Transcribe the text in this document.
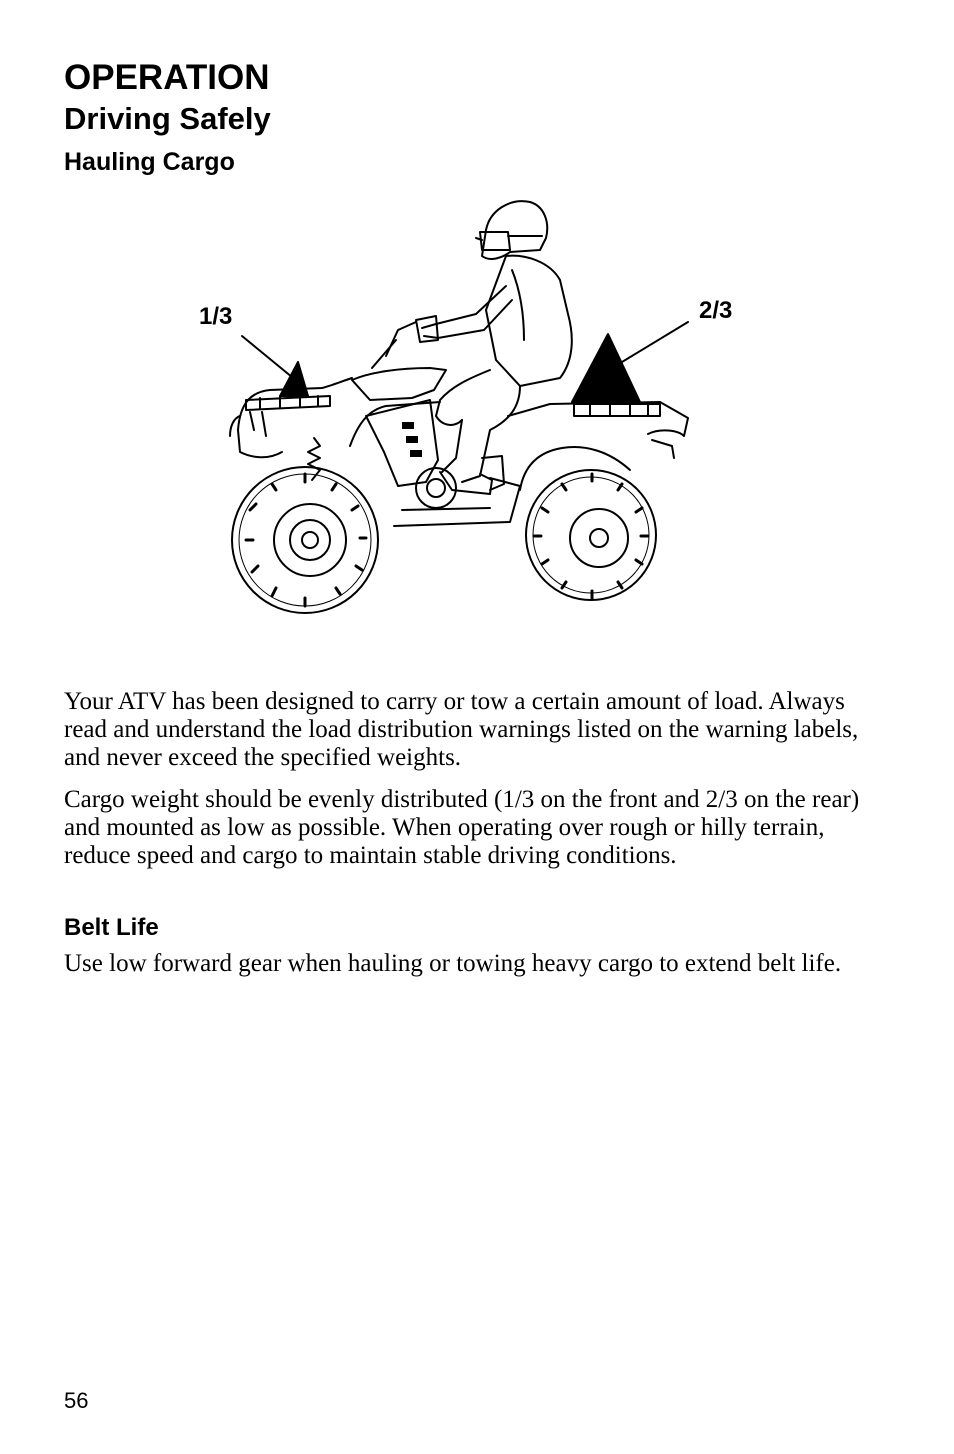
OPERATION
Driving Safely
Hauling Cargo
1/3	2/3

Your ATV has been designed to carry or tow a certain amount of load. Always read and understand the load distribution warnings listed on the warning labels, and never exceed the specified weights.

Cargo weight should be evenly distributed (1/3 on the front and 2/3 on the rear) and mounted as low as possible. When operating over rough or hilly terrain, reduce speed and cargo to maintain stable driving conditions.

Belt Life

Use low forward gear when hauling or towing heavy cargo to extend belt life.

56
